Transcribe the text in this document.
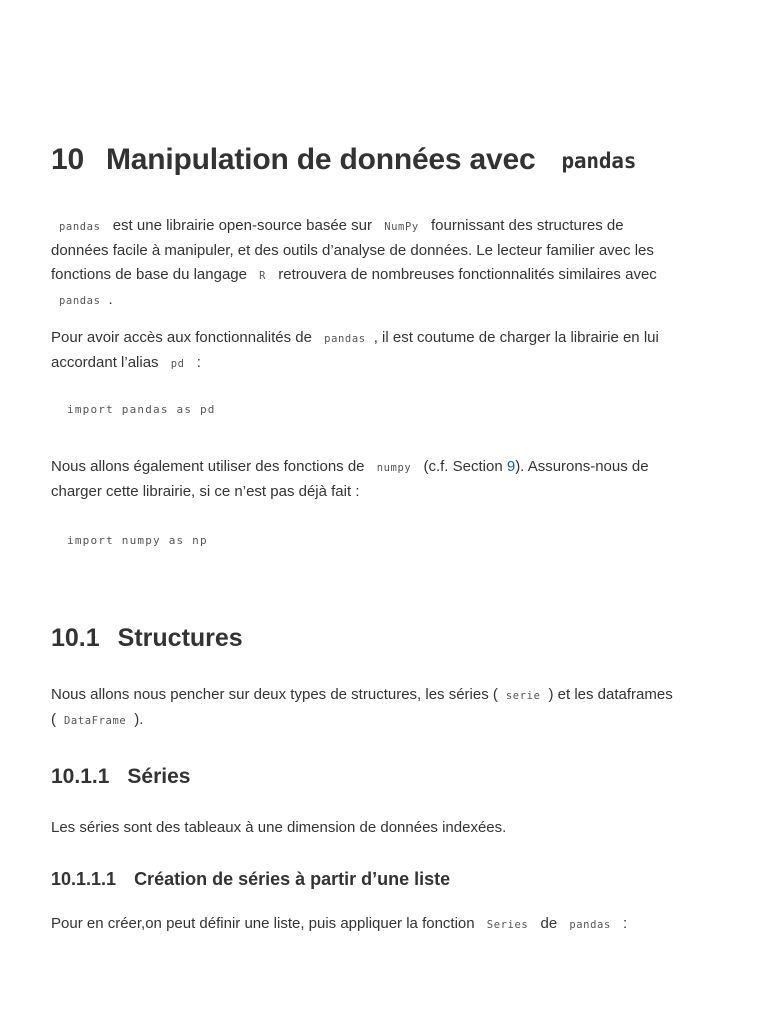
10 Manipulation de données avec pandas
pandas est une librairie open-source basée sur NumPy fournissant des structures de
données facile à manipuler, et des outils d’analyse de données. Le lecteur familier avec les
fonctions de base du langage R retrouvera de nombreuses fonctionnalités similaires avec
pandas .
Pour avoir accès aux fonctionnalités de pandas , il est coutume de charger la librairie en lui
accordant l’alias pd :
import pandas as pd
Nous allons également utiliser des fonctions de numpy (c.f. Section 9). Assurons-nous de
charger cette librairie, si ce n’est pas déjà fait :
import numpy as np
10.1 Structures
Nous allons nous pencher sur deux types de structures, les séries ( serie ) et les dataframes
( DataFrame ).
10.1.1 Séries
Les séries sont des tableaux à une dimension de données indexées.
10.1.1.1 Création de séries à partir d’une liste
Pour en créer,on peut définir une liste, puis appliquer la fonction Series de pandas :
